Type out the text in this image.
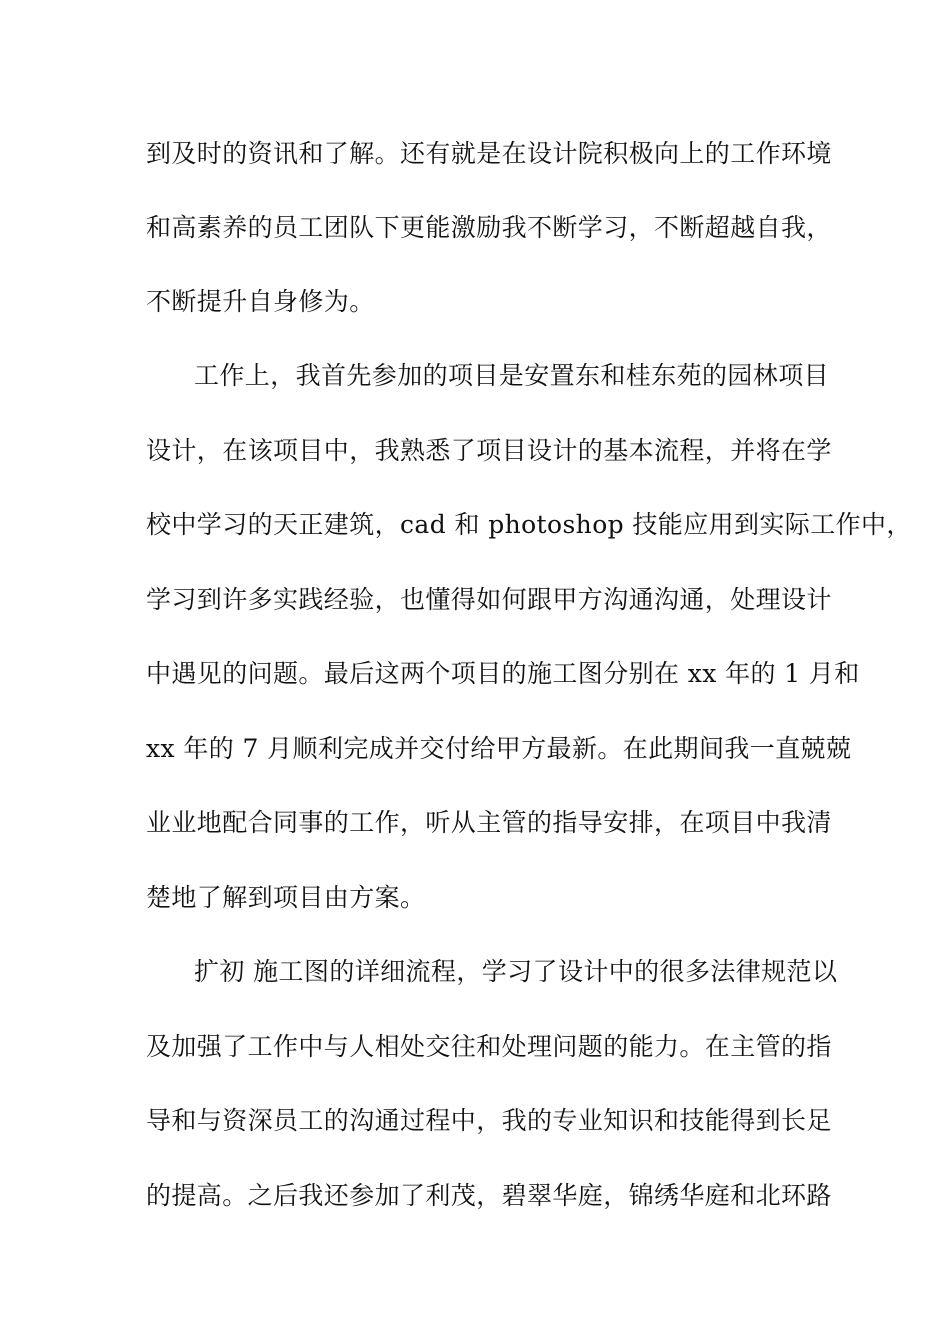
到及时的资讯和了解。还有就是在设计院积极向上的工作环境
和高素养的员工团队下更能激励我不断学习，不断超越自我，
不断提升自身修为。
工作上，我首先参加的项目是安置东和桂东苑的园林项目
设计，在该项目中，我熟悉了项目设计的基本流程，并将在学
校中学习的天正建筑，cad 和 photoshop 技能应用到实际工作中，
学习到许多实践经验，也懂得如何跟甲方沟通沟通，处理设计
中遇见的问题。最后这两个项目的施工图分别在 xx 年的 1 月和
xx 年的 7 月顺利完成并交付给甲方最新。在此期间我一直兢兢
业业地配合同事的工作，听从主管的指导安排，在项目中我清
楚地了解到项目由方案。
扩初 施工图的详细流程，学习了设计中的很多法律规范以
及加强了工作中与人相处交往和处理问题的能力。在主管的指
导和与资深员工的沟通过程中，我的专业知识和技能得到长足
的提高。之后我还参加了利茂，碧翠华庭，锦绣华庭和北环路
